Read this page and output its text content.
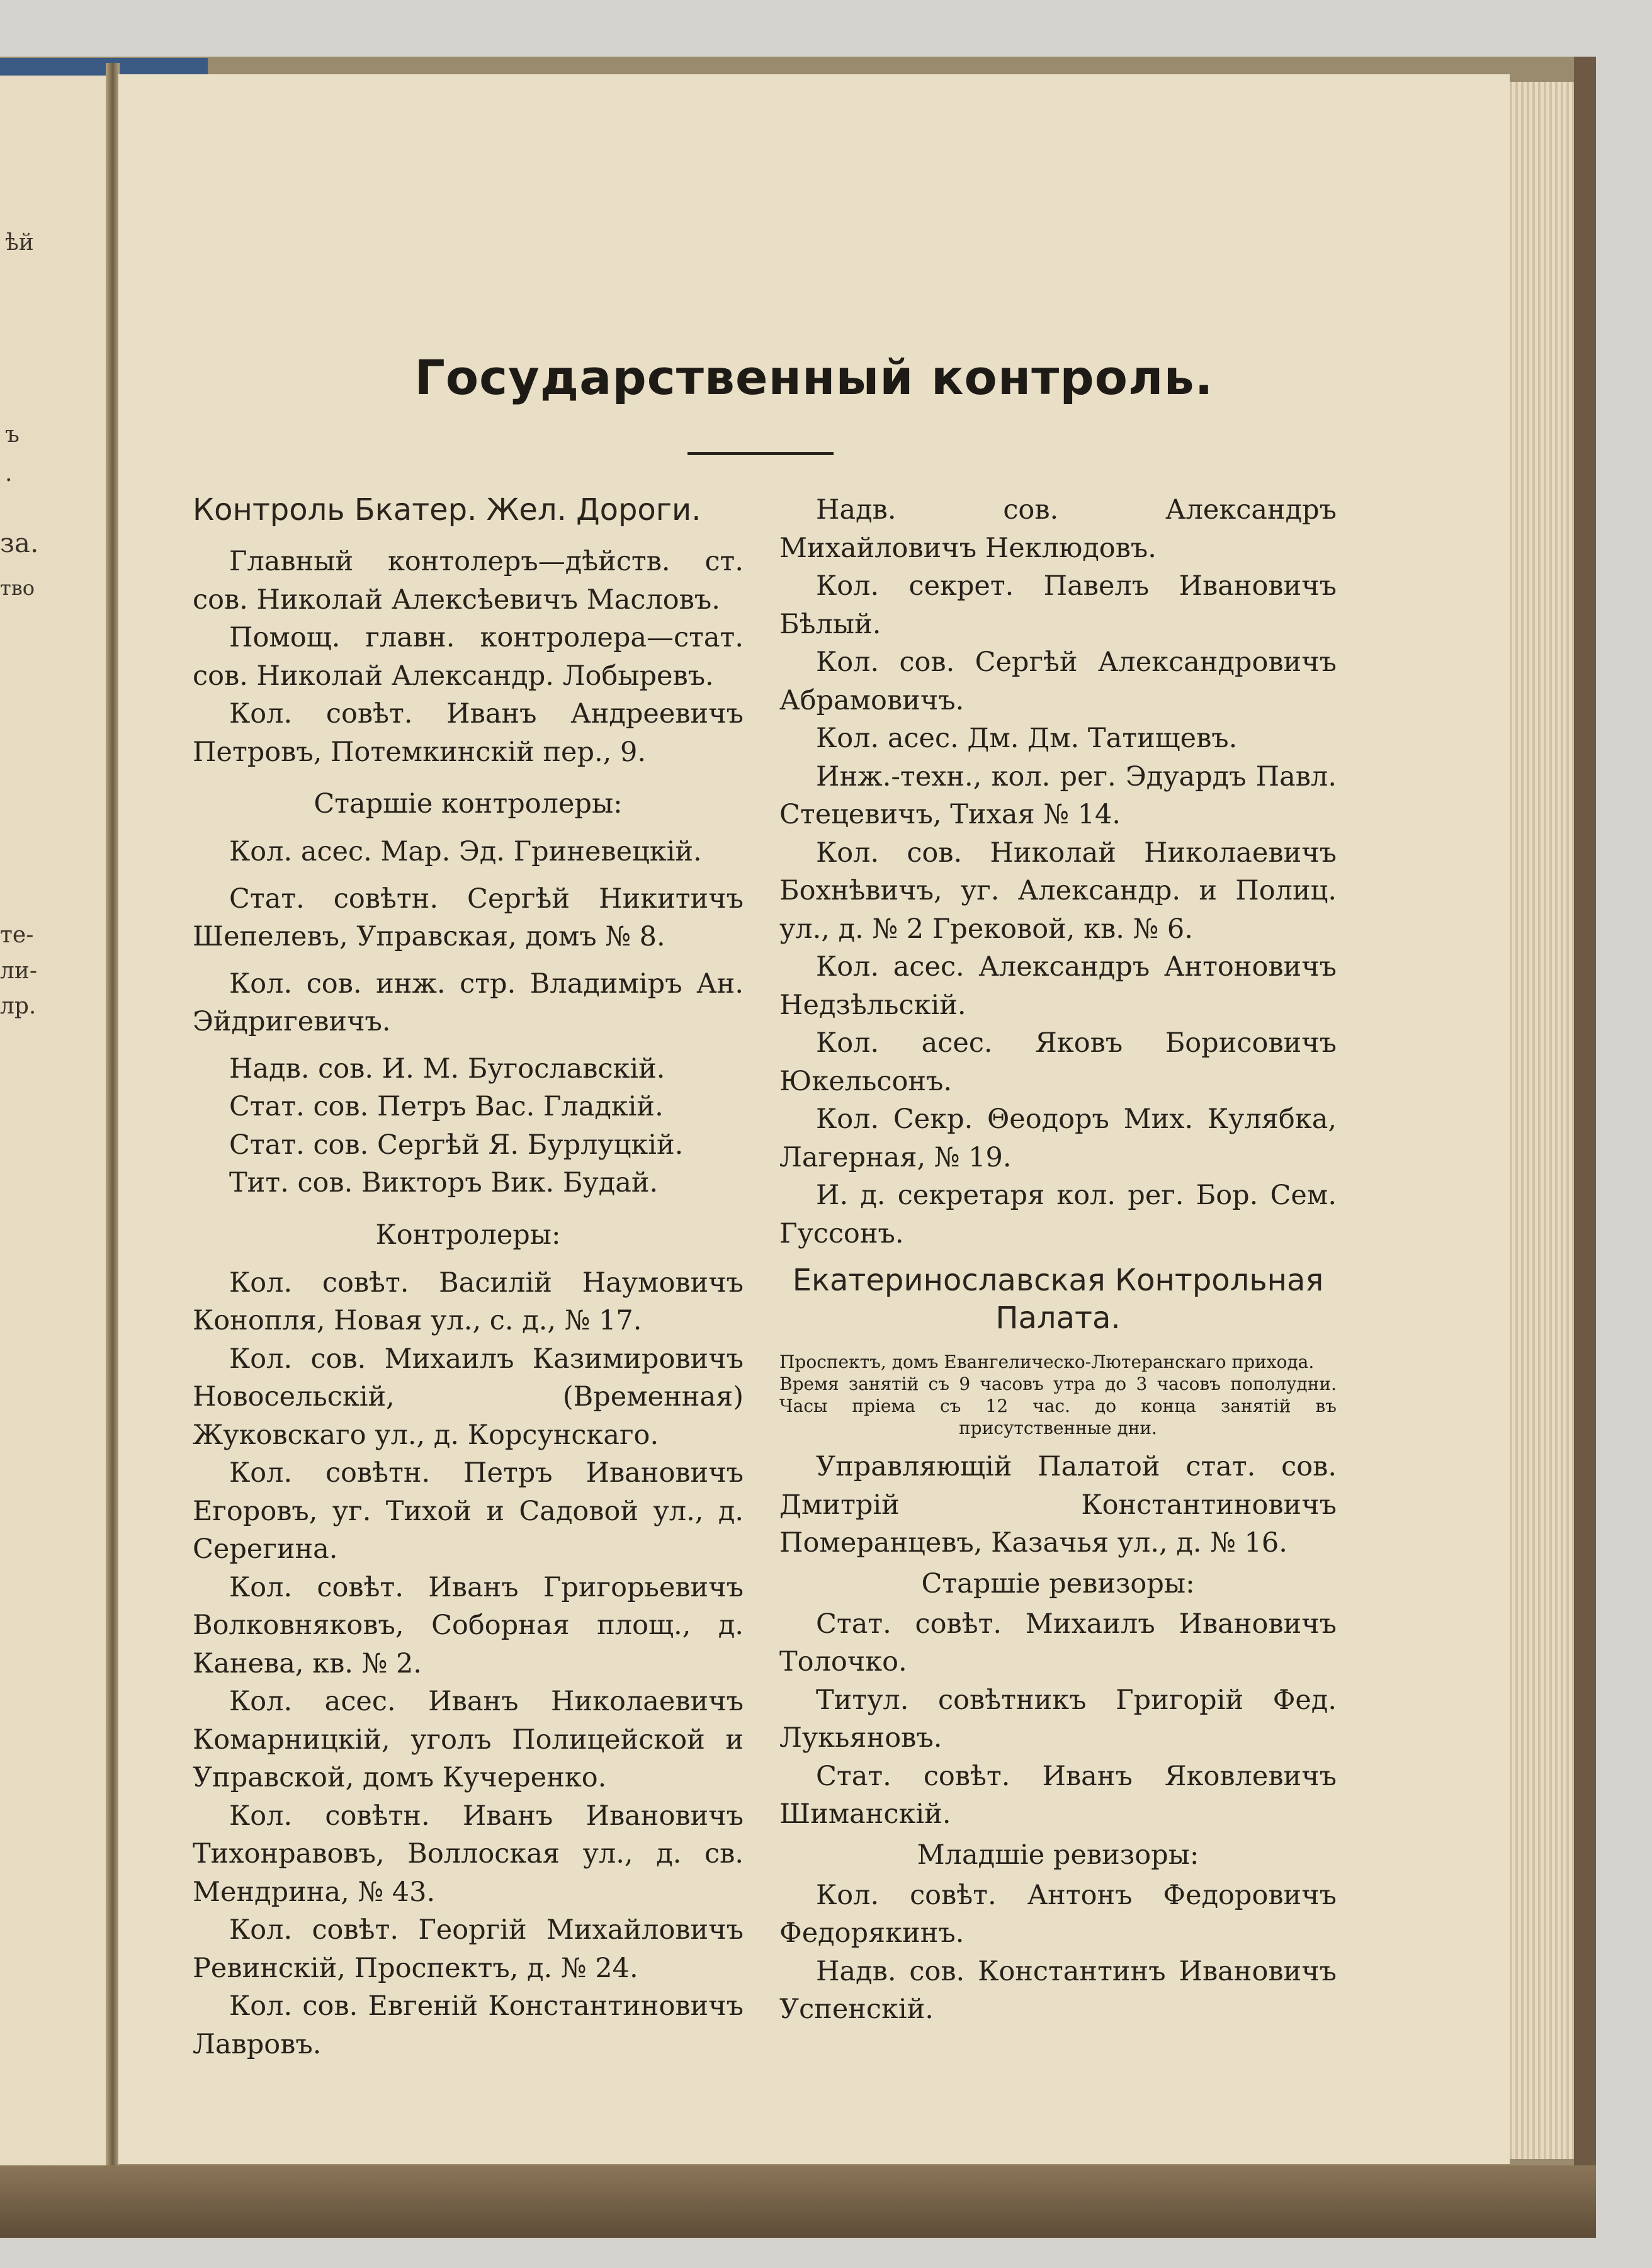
ѣй
ъ
.
за.
тво
те-
ли-
лр.
Государственный контроль.
Контроль Бкатер. Жел. Дороги.

Главный контолеръ—дѣйств. ст. сов. Николай Алексѣевичъ Масловъ.

Помощ. главн. контролера—стат. сов. Николай Александр. Лобыревъ.

Кол. совѣт. Иванъ Андреевичъ Петровъ, Потемкинскій пер., 9.

Старшіе контролеры:

Кол. асес. Мар. Эд. Гриневецкій.

Стат. совѣтн. Сергѣй Никитичъ Шепелевъ, Управская, домъ № 8.

Кол. сов. инж. стр. Владиміръ Ан. Эйдригевичъ.

Надв. сов. И. М. Бугославскій.

Стат. сов. Петръ Вас. Гладкій.

Стат. сов. Сергѣй Я. Бурлуцкій.

Тит. сов. Викторъ Вик. Будай.

Контролеры:

Кол. совѣт. Василій Наумовичъ Конопля, Новая ул., с. д., № 17.

Кол. сов. Михаилъ Казимировичъ Новосельскій, (Временная) Жуковскаго ул., д. Корсунскаго.

Кол. совѣтн. Петръ Ивановичъ Егоровъ, уг. Тихой и Садовой ул., д. Серегина.

Кол. совѣт. Иванъ Григорьевичъ Волковняковъ, Соборная площ., д. Канева, кв. № 2.

Кол. асес. Иванъ Николаевичъ Комарницкій, уголъ Полицейской и Управской, домъ Кучеренко.

Кол. совѣтн. Иванъ Ивановичъ Тихонравовъ, Воллоская ул., д. св. Мендрина, № 43.

Кол. совѣт. Георгій Михайловичъ Ревинскій, Проспектъ, д. № 24.

Кол. сов. Евгеній Константиновичъ Лавровъ.

Надв. сов. Александръ Михайловичъ Неклюдовъ.

Кол. секрет. Павелъ Ивановичъ Бѣлый.

Кол. сов. Сергѣй Александровичъ Абрамовичъ.

Кол. асес. Дм. Дм. Татищевъ.

Инж.-техн., кол. рег. Эдуардъ Павл. Стецевичъ, Тихая № 14.

Кол. сов. Николай Николаевичъ Бохнѣвичъ, уг. Александр. и Полиц. ул., д. № 2 Грековой, кв. № 6.

Кол. асес. Александръ Антоновичъ Недзѣльскій.

Кол. асес. Яковъ Борисовичъ Юкельсонъ.

Кол. Секр. Θеодоръ Мих. Кулябка, Лагерная, № 19.

И. д. секретаря кол. рег. Бор. Сем. Гуссонъ.

Екатеринославская Контрольная Палата.

Проспектъ, домъ Евангелическо-Лютеранскаго прихода.

Время занятій съ 9 часовъ утра до 3 часовъ пополудни. Часы пріема съ 12 час. до конца занятій въ присутственные дни.

Управляющій Палатой стат. сов. Дмитрій Константиновичъ Померанцевъ, Казачья ул., д. № 16.

Старшіе ревизоры:

Стат. совѣт. Михаилъ Ивановичъ Толочко.

Титул. совѣтникъ Григорій Фед. Лукьяновъ.

Стат. совѣт. Иванъ Яковлевичъ Шиманскій.

Младшіе ревизоры:

Кол. совѣт. Антонъ Федоровичъ Федорякинъ.

Надв. сов. Константинъ Ивановичъ Успенскій.
